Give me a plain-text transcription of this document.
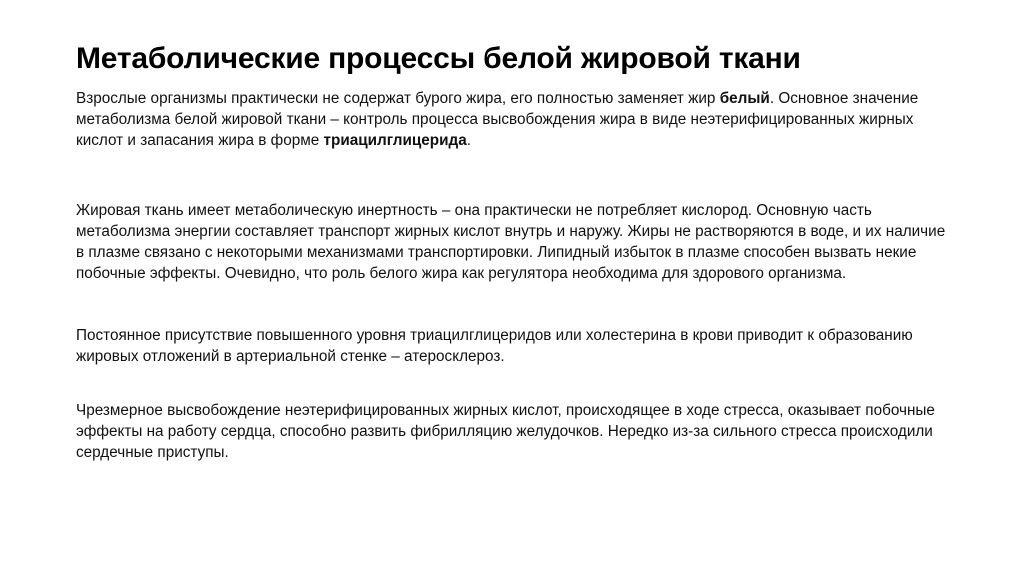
Метаболические процессы белой жировой ткани
Взрослые организмы практически не содержат бурого жира, его полностью заменяет жир белый. Основное значение метаболизма белой жировой ткани – контроль процесса высвобождения жира в виде неэтерифицированных жирных кислот и запасания жира в форме триацилглицерида.
Жировая ткань имеет метаболическую инертность – она практически не потребляет кислород. Основную часть метаболизма энергии составляет транспорт жирных кислот внутрь и наружу. Жиры не растворяются в воде, и их наличие в плазме связано с некоторыми механизмами транспортировки. Липидный избыток в плазме способен вызвать некие побочные эффекты. Очевидно, что роль белого жира как регулятора необходима для здорового организма.
Постоянное присутствие повышенного уровня триацилглицеридов или холестерина в крови приводит к образованию жировых отложений в артериальной стенке – атеросклероз.
Чрезмерное высвобождение неэтерифицированных жирных кислот, происходящее в ходе стресса, оказывает побочные эффекты на работу сердца, способно развить фибрилляцию желудочков. Нередко из-за сильного стресса происходили сердечные приступы.
